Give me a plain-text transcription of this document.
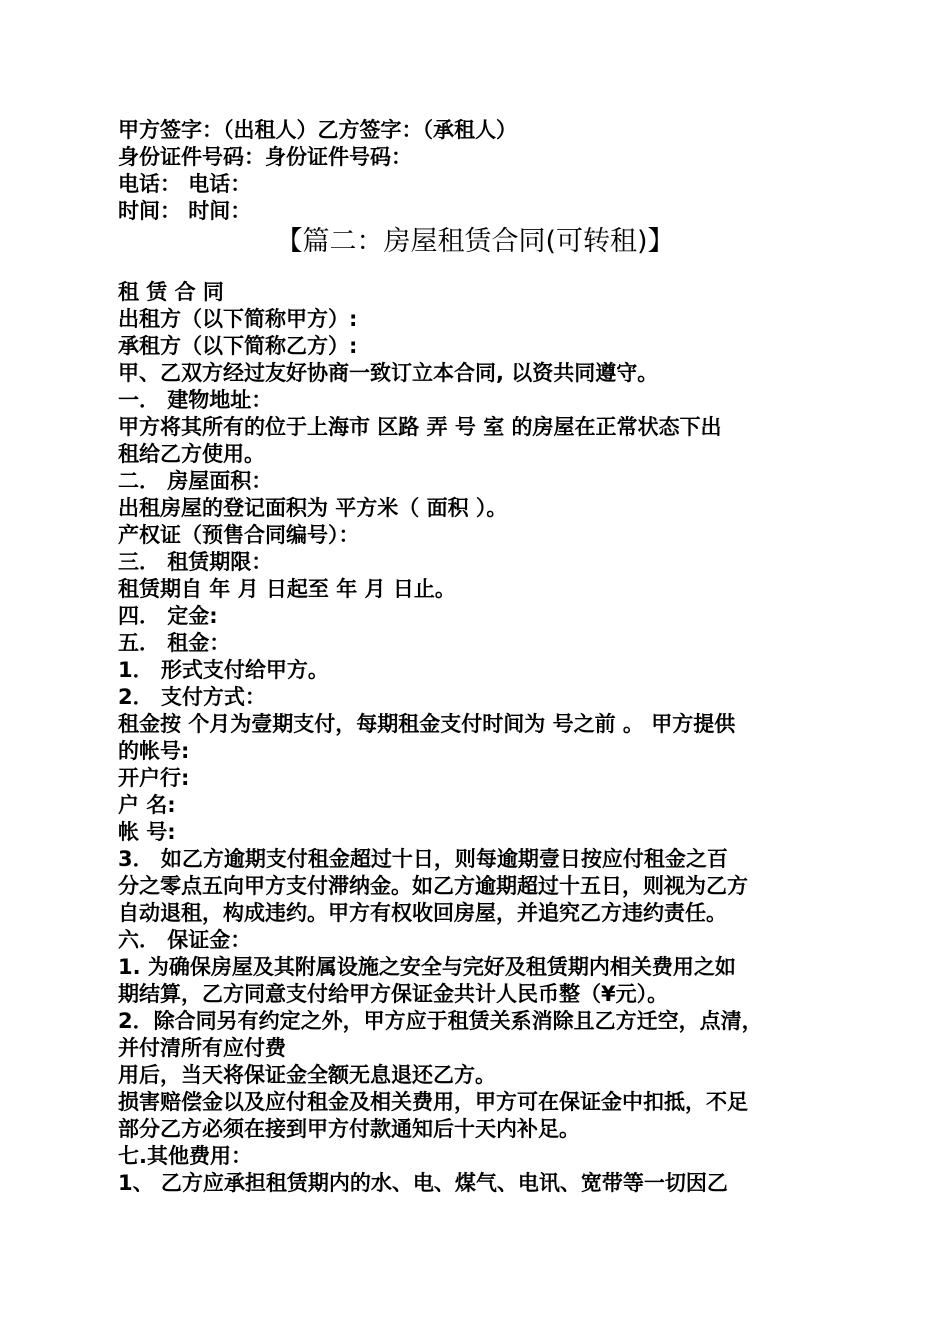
甲方签字：（出租人）乙方签字：（承租人）
身份证件号码：身份证件号码：
电话： 电话：
时间： 时间：
【篇二：房屋租赁合同(可转租)】
租 赁 合 同
出租方（以下简称甲方）:
承租方（以下简称乙方）:
甲、乙双方经过友好协商一致订立本合同, 以资共同遵守。
一． 建物地址：
甲方将其所有的位于上海市 区路 弄 号 室 的房屋在正常状态下出
租给乙方使用。
二． 房屋面积：
出租房屋的登记面积为 平方米（ 面积 ）。
产权证（预售合同编号）：
三． 租赁期限：
租赁期自 年 月 日起至 年 月 日止。
四． 定金:
五． 租金：
1． 形式支付给甲方。
2． 支付方式：
租金按 个月为壹期支付，每期租金支付时间为 号之前 。 甲方提供
的帐号:
开户行:
户 名:
帐 号:
3． 如乙方逾期支付租金超过十日，则每逾期壹日按应付租金之百
分之零点五向甲方支付滞纳金。如乙方逾期超过十五日，则视为乙方
自动退租，构成违约。甲方有权收回房屋，并追究乙方违约责任。
六． 保证金：
1. 为确保房屋及其附属设施之安全与完好及租赁期内相关费用之如
期结算，乙方同意支付给甲方保证金共计人民币整（¥元）。
2．除合同另有约定之外，甲方应于租赁关系消除且乙方迁空，点清，
并付清所有应付费
用后，当天将保证金全额无息退还乙方。
损害赔偿金以及应付租金及相关费用，甲方可在保证金中扣抵，不足
部分乙方必须在接到甲方付款通知后十天内补足。
七.其他费用：
1、 乙方应承担租赁期内的水、电、煤气、电讯、宽带等一切因乙
